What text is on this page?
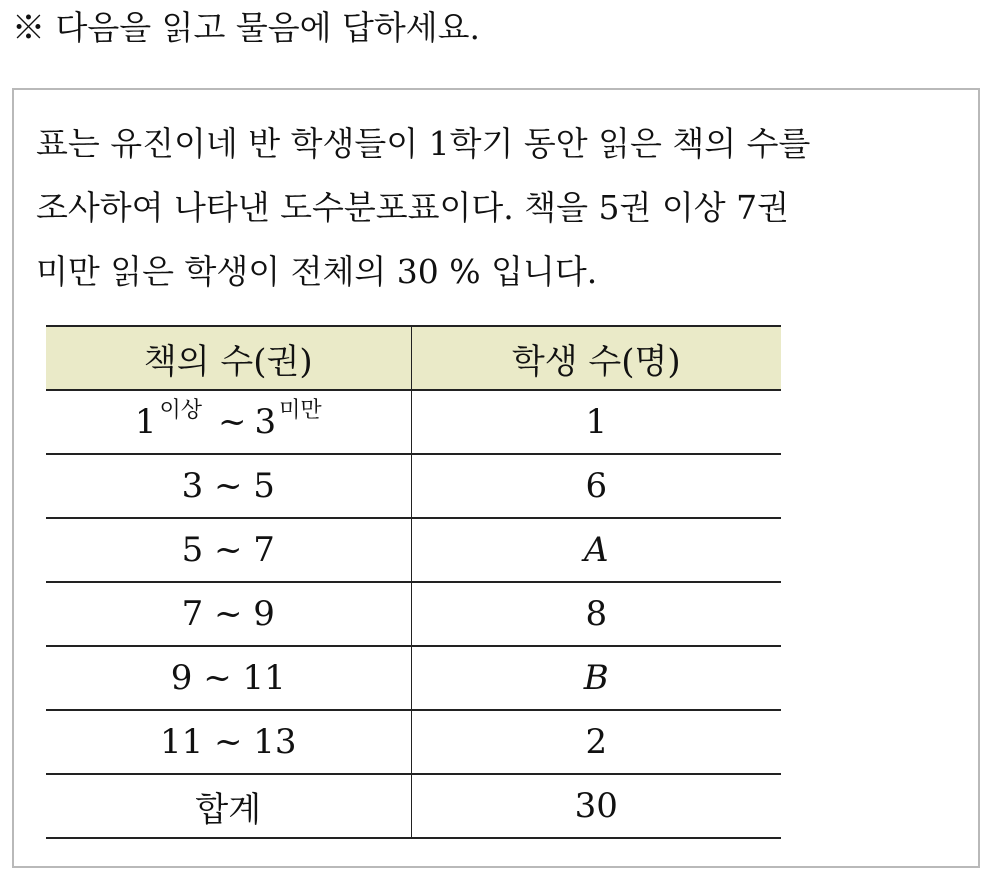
※ 다음을 읽고 물음에 답하세요.
표는 유진이네 반 학생들이 1학기 동안 읽은 책의 수를
조사하여 나타낸 도수분포표이다. 책을 5권 이상 7권
미만 읽은 학생이 전체의 30 % 입니다.
책의 수(권)	학생 수(명)
1 $^{이상}$ ~ 3 $^{미만}$	1
3 ~ 5	6
5 ~ 7	A
7 ~ 9	8
9 ~ 11	B
11 ~ 13	2
합계	30
